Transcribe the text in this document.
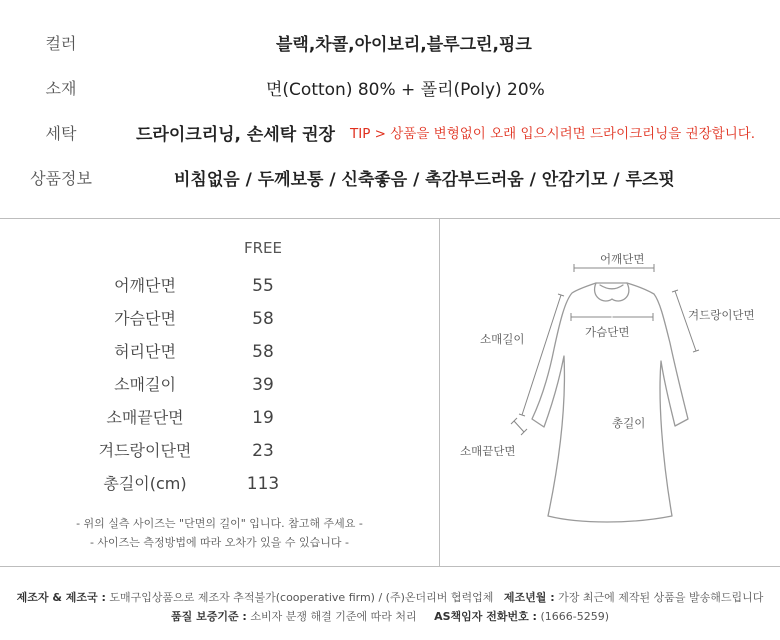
컬러	블랙,차콜,아이보리,블루그린,핑크
소재	면(Cotton) 80% + 폴리(Poly) 20%
세탁	드라이크리닝, 손세탁 권장 TIP > 상품을 변형없이 오래 입으시려면 드라이크리닝을 권장합니다.
상품정보	비침없음 / 두께보통 / 신축좋음 / 촉감부드러움 / 안감기모 / 루즈핏
FREE
어깨단면	55
가슴단면	58
허리단면	58
소매길이	39
소매끝단면	19
겨드랑이단면	23
총길이(cm)	113
- 위의 실측 사이즈는 "단면의 길이" 입니다. 참고해 주세요 -
- 사이즈는 측정방법에 따라 오차가 있을 수 있습니다 -
어깨단면
겨드랑이단면
소매길이	가슴단면
총길이
소매끝단면
제조자 & 제조국 : 도매구입상품으로 제조자 추적불가(cooperative firm) / (주)온더리버 협력업체 제조년월 : 가장 최근에 제작된 상품을 발송해드립니다
품질 보증기준 : 소비자 분쟁 해결 기준에 따라 처리 AS책임자 전화번호 : (1666-5259)
